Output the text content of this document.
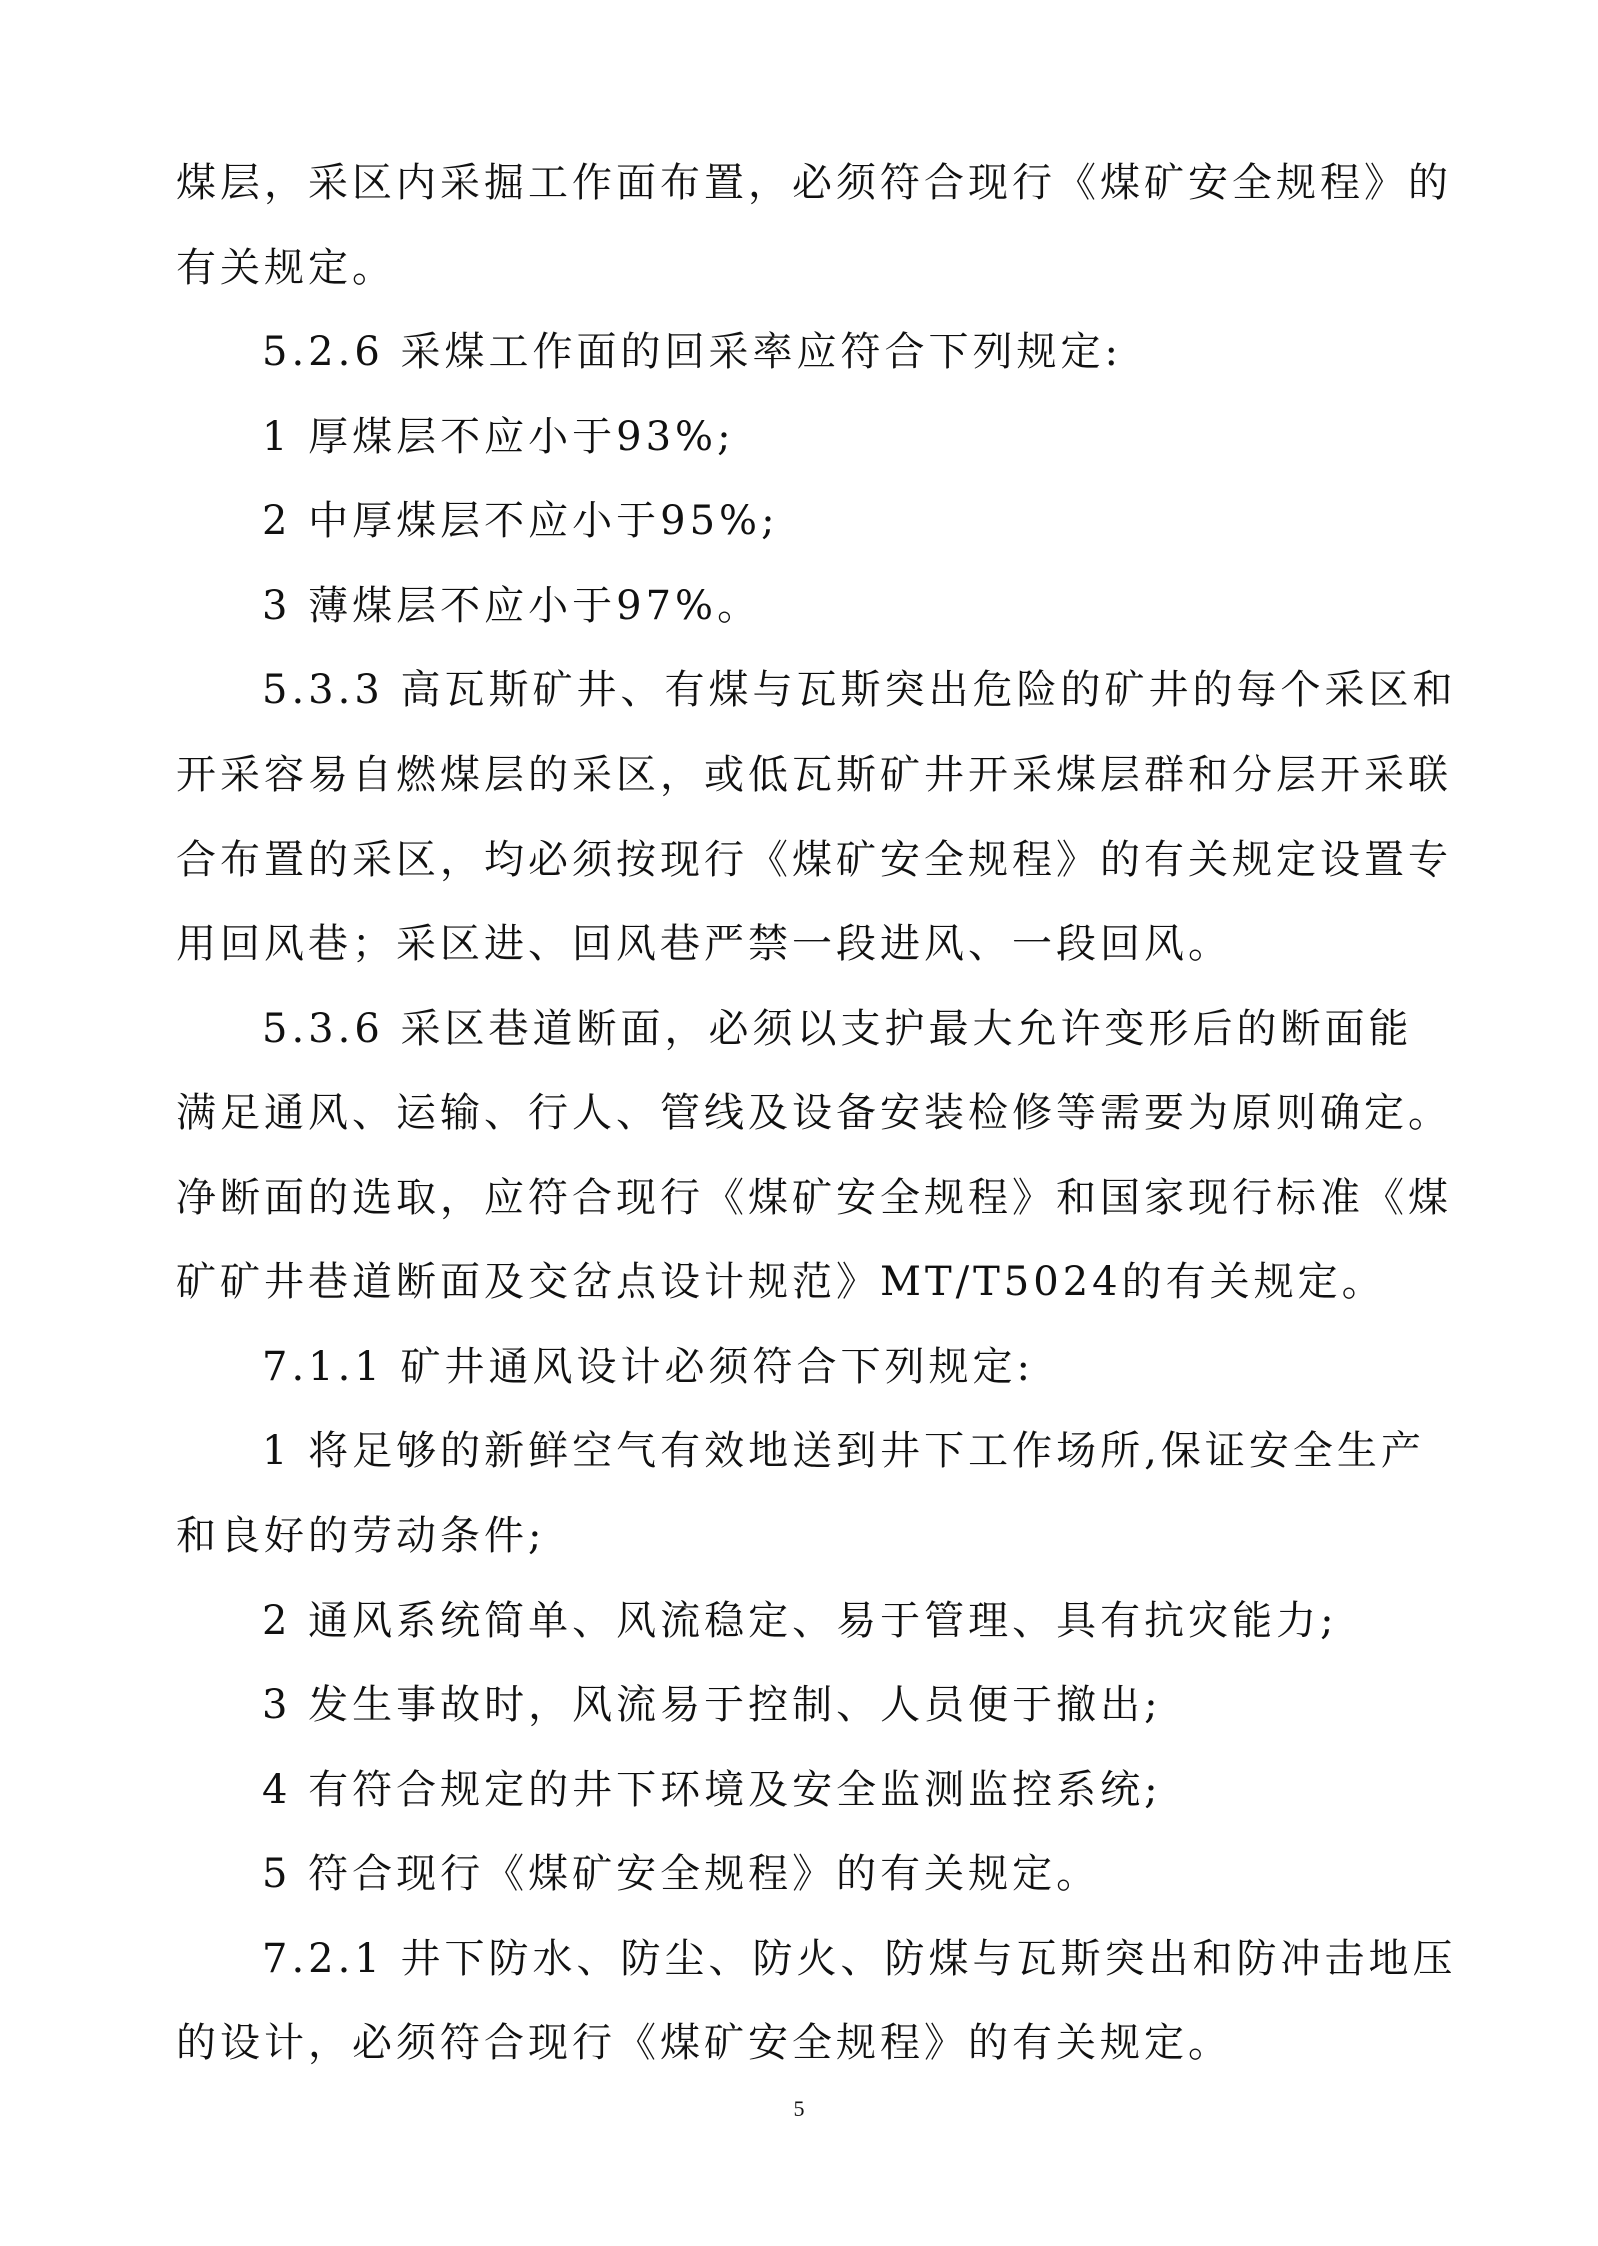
煤层，采区内采掘工作面布置，必须符合现行《煤矿安全规程》的
有关规定。
5.2.6 采煤工作面的回采率应符合下列规定:
1 厚煤层不应小于93%;
2 中厚煤层不应小于95%;
3 薄煤层不应小于97%。
5.3.3 高瓦斯矿井、有煤与瓦斯突出危险的矿井的每个采区和
开采容易自燃煤层的采区，或低瓦斯矿井开采煤层群和分层开采联
合布置的采区，均必须按现行《煤矿安全规程》的有关规定设置专
用回风巷；采区进、回风巷严禁一段进风、一段回风。
5.3.6 采区巷道断面，必须以支护最大允许变形后的断面能
满足通风、运输、行人、管线及设备安装检修等需要为原则确定。
净断面的选取，应符合现行《煤矿安全规程》和国家现行标准《煤
矿矿井巷道断面及交岔点设计规范》MT/T5024的有关规定。
7.1.1 矿井通风设计必须符合下列规定:
1 将足够的新鲜空气有效地送到井下工作场所,保证安全生产
和良好的劳动条件;
2 通风系统简单、风流稳定、易于管理、具有抗灾能力;
3 发生事故时，风流易于控制、人员便于撤出;
4 有符合规定的井下环境及安全监测监控系统;
5 符合现行《煤矿安全规程》的有关规定。
7.2.1 井下防水、防尘、防火、防煤与瓦斯突出和防冲击地压
的设计，必须符合现行《煤矿安全规程》的有关规定。
5
